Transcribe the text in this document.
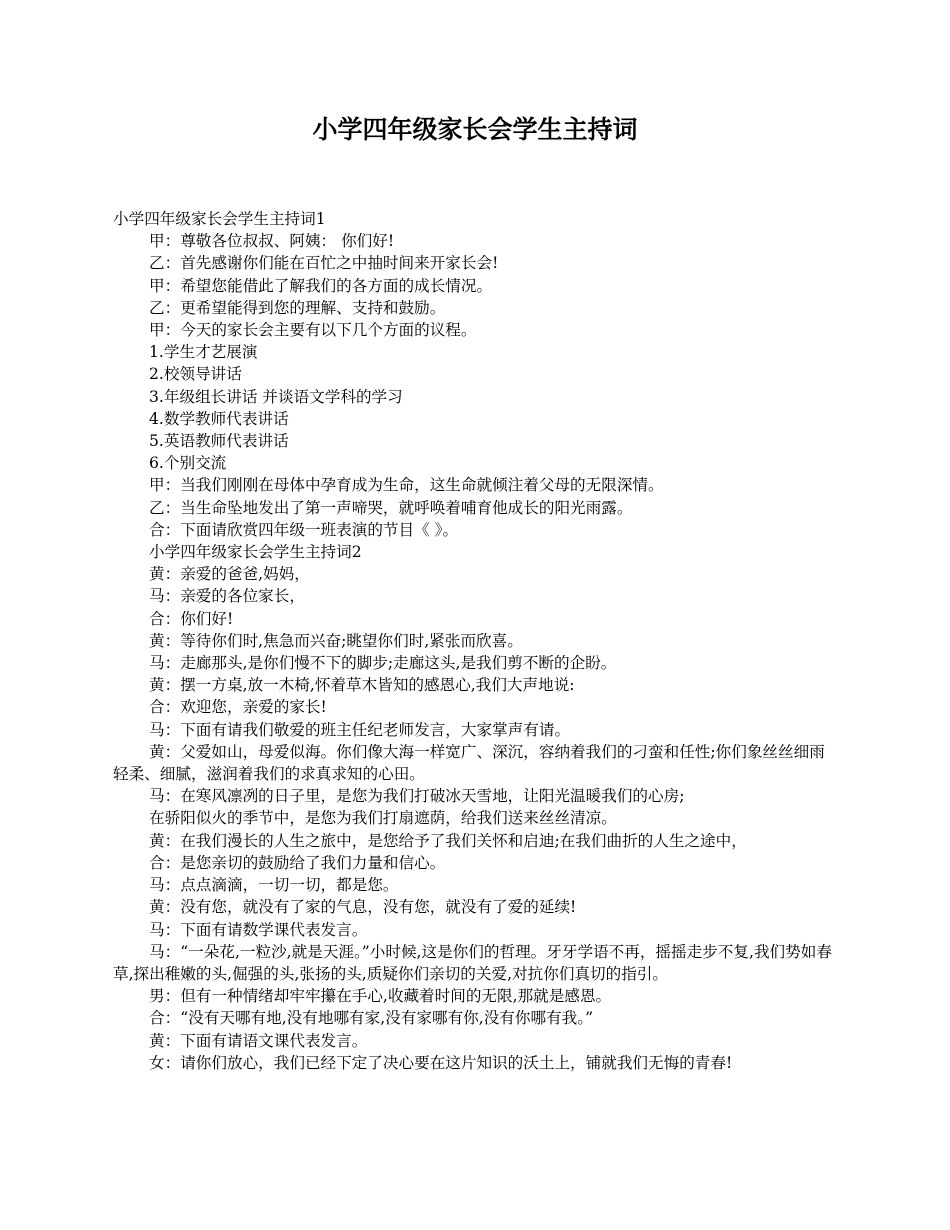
小学四年级家长会学生主持词

小学四年级家长会学生主持词1

甲：尊敬各位叔叔、阿姨： 你们好!

乙：首先感谢你们能在百忙之中抽时间来开家长会!

甲：希望您能借此了解我们的各方面的成长情况。

乙：更希望能得到您的理解、支持和鼓励。

甲：今天的家长会主要有以下几个方面的议程。

1.学生才艺展演

2.校领导讲话

3.年级组长讲话 并谈语文学科的学习

4.数学教师代表讲话

5.英语教师代表讲话

6.个别交流

甲：当我们刚刚在母体中孕育成为生命，这生命就倾注着父母的无限深情。

乙：当生命坠地发出了第一声啼哭，就呼唤着哺育他成长的阳光雨露。

合：下面请欣赏四年级一班表演的节目《 》。

小学四年级家长会学生主持词2

黄：亲爱的爸爸,妈妈，

马：亲爱的各位家长，

合：你们好!

黄：等待你们时,焦急而兴奋;眺望你们时,紧张而欣喜。

马：走廊那头,是你们慢不下的脚步;走廊这头,是我们剪不断的企盼。

黄：摆一方桌,放一木椅,怀着草木皆知的感恩心,我们大声地说:

合：欢迎您，亲爱的家长!

马：下面有请我们敬爱的班主任纪老师发言，大家掌声有请。

黄：父爱如山，母爱似海。你们像大海一样宽广、深沉，容纳着我们的刁蛮和任性;你们象丝丝细雨轻柔、细腻，滋润着我们的求真求知的心田。

马：在寒风凛冽的日子里，是您为我们打破冰天雪地，让阳光温暖我们的心房;

在骄阳似火的季节中，是您为我们打扇遮荫，给我们送来丝丝清凉。

黄：在我们漫长的人生之旅中，是您给予了我们关怀和启迪;在我们曲折的人生之途中，

合：是您亲切的鼓励给了我们力量和信心。

马：点点滴滴，一切一切，都是您。

黄：没有您，就没有了家的气息，没有您，就没有了爱的延续!

马：下面有请数学课代表发言。

马：“一朵花,一粒沙,就是天涯。”小时候,这是你们的哲理。牙牙学语不再，摇摇走步不复,我们势如春草,探出稚嫩的头,倔强的头,张扬的头,质疑你们亲切的关爱,对抗你们真切的指引。

男：但有一种情绪却牢牢攥在手心,收藏着时间的无限,那就是感恩。

合：“没有天哪有地,没有地哪有家,没有家哪有你,没有你哪有我。”

黄：下面有请语文课代表发言。

女：请你们放心，我们已经下定了决心要在这片知识的沃土上，铺就我们无悔的青春!
